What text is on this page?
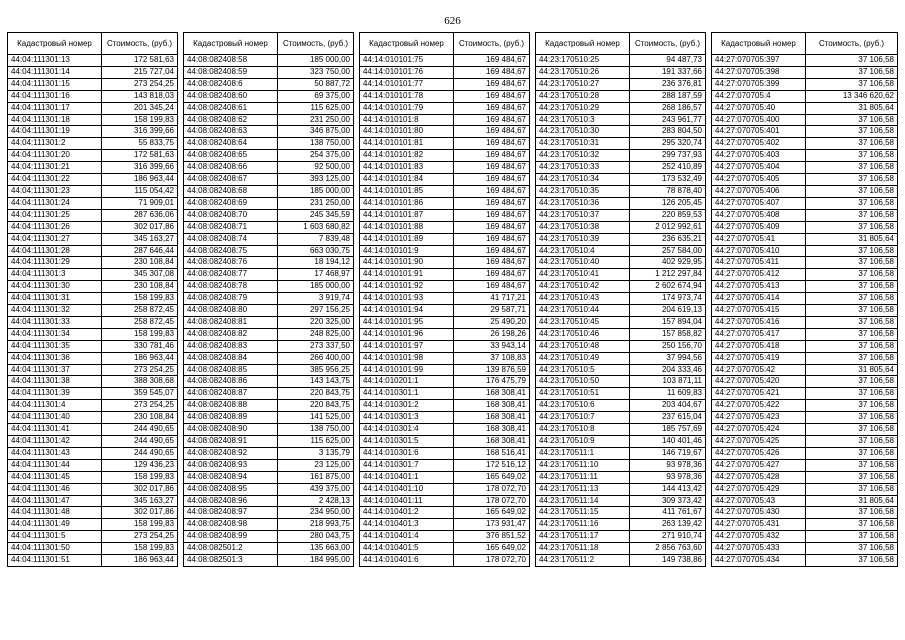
626
Кадастровый номер	Стоимость, (руб.)
44:04:111301:13	172 581,63
44:04:111301:14	215 727,04
44:04:111301:15	273 254,25
44:04:111301:16	143 818,03
44:04:111301:17	201 345,24
44:04:111301:18	158 199,83
44:04:111301:19	316 399,66
44:04:111301:2	55 833,75
44:04:111301:20	172 581,63
44:04:111301:21	316 399,66
44:04:111301:22	186 963,44
44:04:111301:23	115 054,42
44:04:111301:24	71 909,01
44:04:111301:25	287 636,06
44:04:111301:26	302 017,86
44:04:111301:27	345 163,27
44:04:111301:28	287 646,44
44:04:111301:29	230 108,84
44:04:111301:3	345 307,08
44:04:111301:30	230 108,84
44:04:111301:31	158 199,83
44:04:111301:32	258 872,45
44:04:111301:33	258 872,45
44:04:111301:34	158 199,83
44:04:111301:35	330 781,46
44:04:111301:36	186 963,44
44:04:111301:37	273 254,25
44:04:111301:38	388 308,68
44:04:111301:39	359 545,07
44:04:111301:4	273 254,25
44:04:111301:40	230 108,84
44:04:111301:41	244 490,65
44:04:111301:42	244 490,65
44:04:111301:43	244 490,65
44:04:111301:44	129 436,23
44:04:111301:45	158 199,83
44:04:111301:46	302 017,86
44:04:111301:47	345 163,27
44:04:111301:48	302 017,86
44:04:111301:49	158 199,83
44:04:111301:5	273 254,25
44:04:111301:50	158 199,83
44:04:111301:51	186 963,44
Кадастровый номер	Стоимость, (руб.)
44:08:082408:58	185 000,00
44:08:082408:59	323 750,00
44:08:082408:6	50 887,72
44:08:082408:60	69 375,00
44:08:082408:61	115 625,00
44:08:082408:62	231 250,00
44:08:082408:63	346 875,00
44:08:082408:64	138 750,00
44:08:082408:65	254 375,00
44:08:082408:66	92 500,00
44:08:082408:67	393 125,00
44:08:082408:68	185 000,00
44:08:082408:69	231 250,00
44:08:082408:70	245 345,59
44:08:082408:71	1 603 680,82
44:08:082408:74	7 839,48
44:08:082408:75	663 030,75
44:08:082408:76	18 194,12
44:08:082408:77	17 468,97
44:08:082408:78	185 000,00
44:08:082408:79	3 919,74
44:08:082408:80	297 156,25
44:08:082408:81	220 325,00
44:08:082408:82	248 825,00
44:08:082408:83	273 337,50
44:08:082408:84	266 400,00
44:08:082408:85	385 956,25
44:08:082408:86	143 143,75
44:08:082408:87	220 843,75
44:08:082408:88	220 843,75
44:08:082408:89	141 525,00
44:08:082408:90	138 750,00
44:08:082408:91	115 625,00
44:08:082408:92	3 135,79
44:08:082408:93	23 125,00
44:08:082408:94	161 875,00
44:08:082408:95	439 375,00
44:08:082408:96	2 428,13
44:08:082408:97	234 950,00
44:08:082408:98	218 993,75
44:08:082408:99	280 043,75
44:08:082501:2	135 663,00
44:08:082501:3	184 995,00
Кадастровый номер	Стоимость, (руб.)
44:14:010101:75	169 484,67
44:14:010101:76	169 484,67
44:14:010101:77	169 484,67
44:14:010101:78	169 484,67
44:14:010101:79	169 484,67
44:14:010101:8	169 484,67
44:14:010101:80	169 484,67
44:14:010101:81	169 484,67
44:14:010101:82	169 484,67
44:14:010101:83	169 484,67
44:14:010101:84	169 484,67
44:14:010101:85	169 484,67
44:14:010101:86	169 484,67
44:14:010101:87	169 484,67
44:14:010101:88	169 484,67
44:14:010101:89	169 484,67
44:14:010101:9	169 484,67
44:14:010101:90	169 484,67
44:14:010101:91	169 484,67
44:14:010101:92	169 484,67
44:14:010101:93	41 717,21
44:14:010101:94	29 587,71
44:14:010101:95	25 490,20
44:14:010101:96	26 198,26
44:14:010101:97	33 943,14
44:14:010101:98	37 108,83
44:14:010101:99	139 876,59
44:14:010201:1	176 475,79
44:14:010301:1	168 308,41
44:14:010301:2	168 308,41
44:14:010301:3	168 308,41
44:14:010301:4	168 308,41
44:14:010301:5	168 308,41
44:14:010301:6	168 516,41
44:14:010301:7	172 516,12
44:14:010401:1	165 649,02
44:14:010401:10	178 072,70
44:14:010401:11	178 072,70
44:14:010401:2	165 649,02
44:14:010401:3	173 931,47
44:14:010401:4	376 851,52
44:14:010401:5	165 649,02
44:14:010401:6	178 072,70
Кадастровый номер	Стоимость, (руб.)
44:23:170510:25	94 487,73
44:23:170510:26	191 337,66
44:23:170510:27	236 376,81
44:23:170510:28	288 187,59
44:23:170510:29	268 186,57
44:23:170510:3	243 961,77
44:23:170510:30	283 804,50
44:23:170510:31	295 320,74
44:23:170510:32	299 737,93
44:23:170510:33	252 410,89
44:23:170510:34	173 532,49
44:23:170510:35	78 878,40
44:23:170510:36	126 205,45
44:23:170510:37	220 859,53
44:23:170510:38	2 012 992,61
44:23:170510:39	236 635,21
44:23:170510:4	257 584,00
44:23:170510:40	402 929,95
44:23:170510:41	1 212 297,84
44:23:170510:42	2 602 674,94
44:23:170510:43	174 973,74
44:23:170510:44	204 619,13
44:23:170510:45	157 894,04
44:23:170510:46	157 858,82
44:23:170510:48	250 156,70
44:23:170510:49	37 994,56
44:23:170510:5	204 333,46
44:23:170510:50	103 871,11
44:23:170510:51	11 609,83
44:23:170510:6	203 404,67
44:23:170510:7	237 615,04
44:23:170510:8	185 757,69
44:23:170510:9	140 401,46
44:23:170511:1	146 719,67
44:23:170511:10	93 978,36
44:23:170511:11	93 978,36
44:23:170511:13	144 413,42
44:23:170511:14	309 373,42
44:23:170511:15	411 761,67
44:23:170511:16	263 139,42
44:23:170511:17	271 910,74
44:23:170511:18	2 856 763,60
44:23:170511:2	149 738,86
Кадастровый номер	Стоимость, (руб.)
44:27:070705:397	37 106,58
44:27:070705:398	37 106,58
44:27:070705:399	37 106,58
44:27:070705:4	13 346 620,62
44:27:070705:40	31 805,64
44:27:070705:400	37 106,58
44:27:070705:401	37 106,58
44:27:070705:402	37 106,58
44:27:070705:403	37 106,58
44:27:070705:404	37 106,58
44:27:070705:405	37 106,58
44:27:070705:406	37 106,58
44:27:070705:407	37 106,58
44:27:070705:408	37 106,58
44:27:070705:409	37 106,58
44:27:070705:41	31 805,64
44:27:070705:410	37 106,58
44:27:070705:411	37 106,58
44:27:070705:412	37 106,58
44:27:070705:413	37 106,58
44:27:070705:414	37 106,58
44:27:070705:415	37 106,58
44:27:070705:416	37 106,58
44:27:070705:417	37 106,58
44:27:070705:418	37 106,58
44:27:070705:419	37 106,58
44:27:070705:42	31 805,64
44:27:070705:420	37 106,58
44:27:070705:421	37 106,58
44:27:070705:422	37 106,58
44:27:070705:423	37 106,58
44:27:070705:424	37 106,58
44:27:070705:425	37 106,58
44:27:070705:426	37 106,58
44:27:070705:427	37 106,58
44:27:070705:428	37 106,58
44:27:070705:429	37 106,58
44:27:070705:43	31 805,64
44:27:070705:430	37 106,58
44:27:070705:431	37 106,58
44:27:070705:432	37 106,58
44:27:070705:433	37 106,58
44:27:070705:434	37 106,58
